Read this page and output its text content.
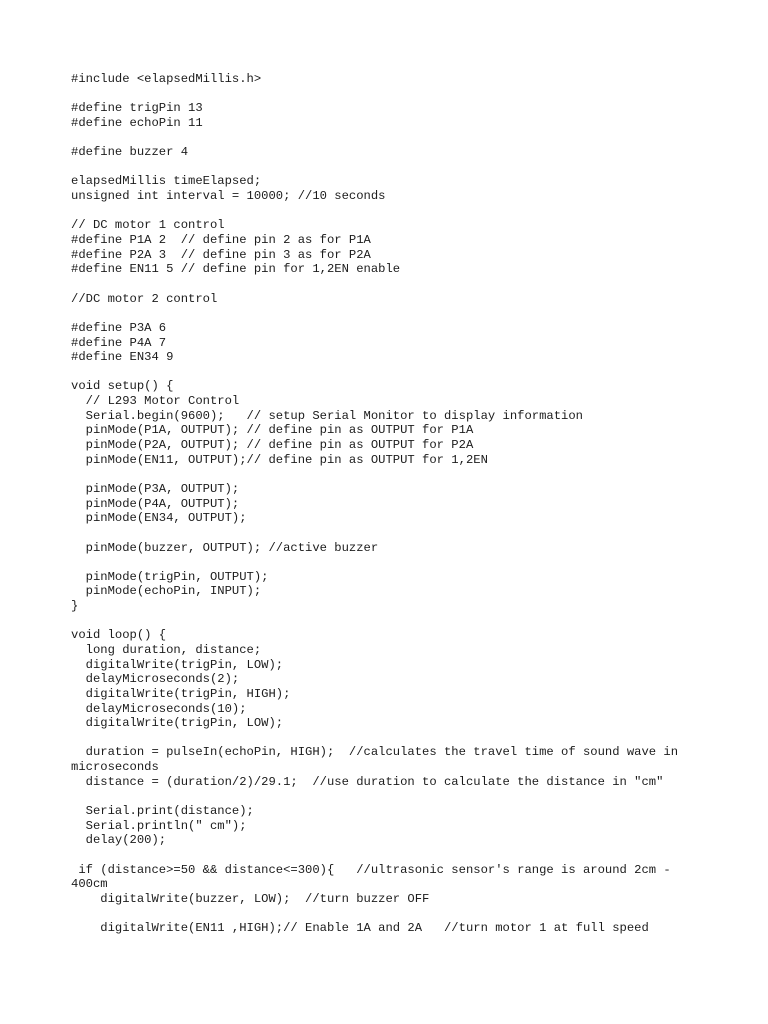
#include <elapsedMillis.h>
#define trigPin 13
#define echoPin 11
#define buzzer 4
elapsedMillis timeElapsed;
unsigned int interval = 10000; //10 seconds
// DC motor 1 control
#define P1A 2  // define pin 2 as for P1A
#define P2A 3  // define pin 3 as for P2A
#define EN11 5 // define pin for 1,2EN enable
//DC motor 2 control
#define P3A 6
#define P4A 7
#define EN34 9
void setup() {
// L293 Motor Control
Serial.begin(9600);   // setup Serial Monitor to display information
pinMode(P1A, OUTPUT); // define pin as OUTPUT for P1A
pinMode(P2A, OUTPUT); // define pin as OUTPUT for P2A
pinMode(EN11, OUTPUT);// define pin as OUTPUT for 1,2EN
pinMode(P3A, OUTPUT);
pinMode(P4A, OUTPUT);
pinMode(EN34, OUTPUT);
pinMode(buzzer, OUTPUT); //active buzzer
pinMode(trigPin, OUTPUT);
pinMode(echoPin, INPUT);
}
void loop() {
long duration, distance;
digitalWrite(trigPin, LOW);
delayMicroseconds(2);
digitalWrite(trigPin, HIGH);
delayMicroseconds(10);
digitalWrite(trigPin, LOW);
duration = pulseIn(echoPin, HIGH);  //calculates the travel time of sound wave in
microseconds
distance = (duration/2)/29.1;  //use duration to calculate the distance in "cm"
Serial.print(distance);
Serial.println(" cm");
delay(200);
if (distance>=50 && distance<=300){   //ultrasonic sensor's range is around 2cm -
400cm
digitalWrite(buzzer, LOW);  //turn buzzer OFF
digitalWrite(EN11 ,HIGH);// Enable 1A and 2A   //turn motor 1 at full speed
